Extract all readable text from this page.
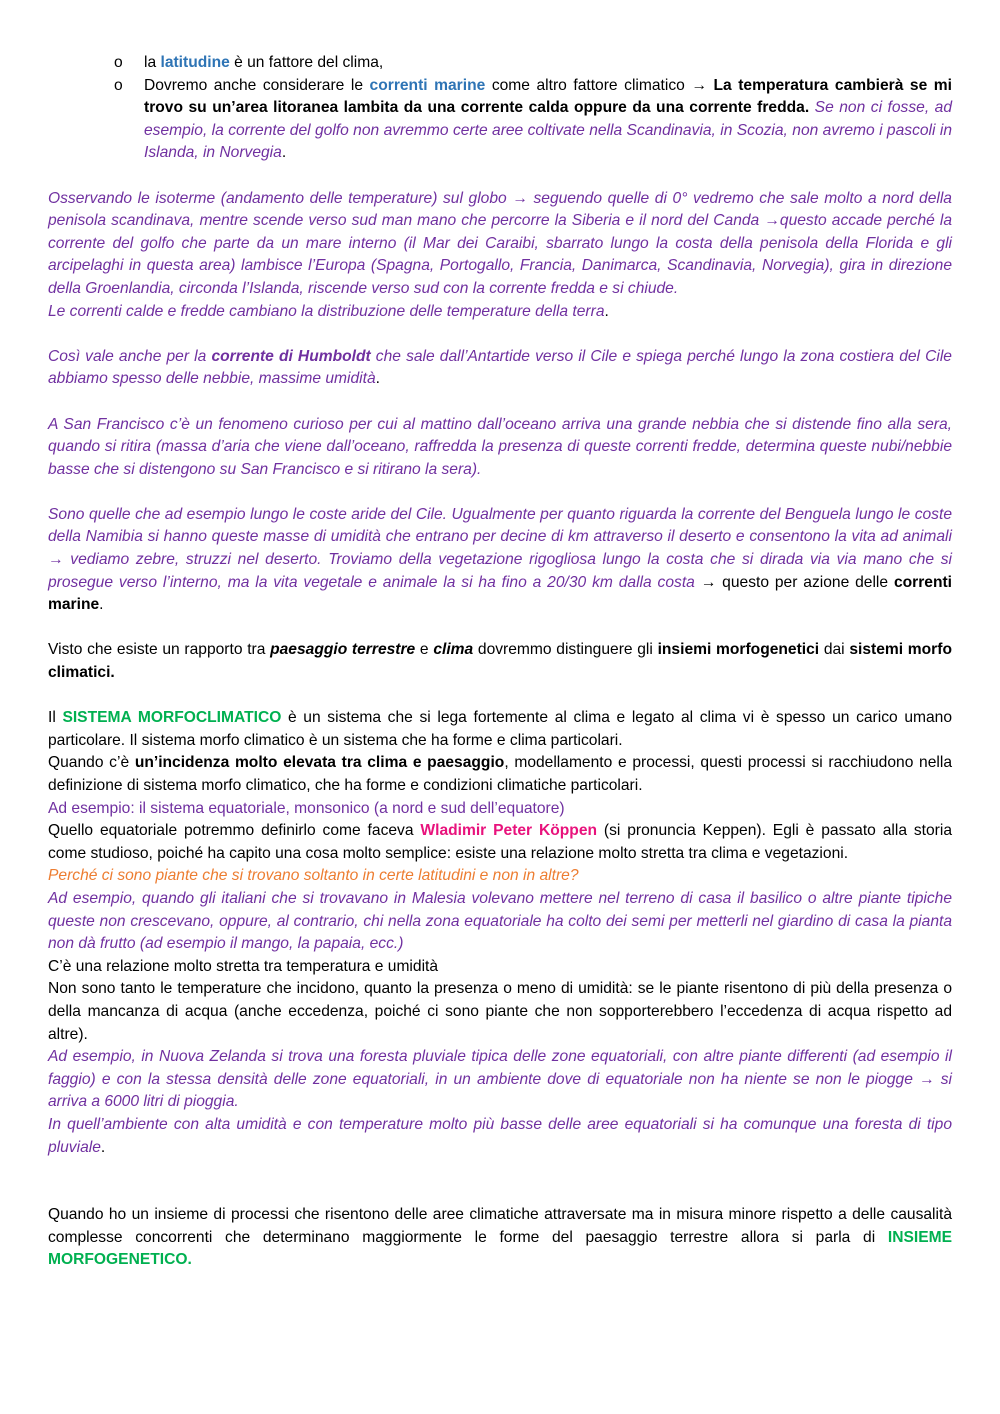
o la latitudine è un fattore del clima,
o Dovremo anche considerare le correnti marine come altro fattore climatico → La temperatura cambierà se mi trovo su un’area litoranea lambita da una corrente calda oppure da una corrente fredda. Se non ci fosse, ad esempio, la corrente del golfo non avremmo certe aree coltivate nella Scandinavia, in Scozia, non avremo i pascoli in Islanda, in Norvegia.

Osservando le isoterme (andamento delle temperature) sul globo → seguendo quelle di 0° vedremo che sale molto a nord della penisola scandinava, mentre scende verso sud man mano che percorre la Siberia e il nord del Canda →questo accade perché la corrente del golfo che parte da un mare interno (il Mar dei Caraibi, sbarrato lungo la costa della penisola della Florida e gli arcipelaghi in questa area) lambisce l’Europa (Spagna, Portogallo, Francia, Danimarca, Scandinavia, Norvegia), gira in direzione della Groenlandia, circonda l’Islanda, riscende verso sud con la corrente fredda e si chiude.

Le correnti calde e fredde cambiano la distribuzione delle temperature della terra.

Così vale anche per la corrente di Humboldt che sale dall’Antartide verso il Cile e spiega perché lungo la zona costiera del Cile abbiamo spesso delle nebbie, massime umidità.

A San Francisco c’è un fenomeno curioso per cui al mattino dall’oceano arriva una grande nebbia che si distende fino alla sera, quando si ritira (massa d’aria che viene dall’oceano, raffredda la presenza di queste correnti fredde, determina queste nubi/nebbie basse che si distengono su San Francisco e si ritirano la sera).

Sono quelle che ad esempio lungo le coste aride del Cile. Ugualmente per quanto riguarda la corrente del Benguela lungo le coste della Namibia si hanno queste masse di umidità che entrano per decine di km attraverso il deserto e consentono la vita ad animali → vediamo zebre, struzzi nel deserto. Troviamo della vegetazione rigogliosa lungo la costa che si dirada via via mano che si prosegue verso l’interno, ma la vita vegetale e animale la si ha fino a 20/30 km dalla costa → questo per azione delle correnti marine.

Visto che esiste un rapporto tra paesaggio terrestre e clima dovremmo distinguere gli insiemi morfogenetici dai sistemi morfo climatici.

Il SISTEMA MORFOCLIMATICO è un sistema che si lega fortemente al clima e legato al clima vi è spesso un carico umano particolare. Il sistema morfo climatico è un sistema che ha forme e clima particolari.

Quando c’è un’incidenza molto elevata tra clima e paesaggio, modellamento e processi, questi processi si racchiudono nella definizione di sistema morfo climatico, che ha forme e condizioni climatiche particolari.

Ad esempio: il sistema equatoriale, monsonico (a nord e sud dell’equatore)

Quello equatoriale potremmo definirlo come faceva Wladimir Peter Köppen (si pronuncia Keppen). Egli è passato alla storia come studioso, poiché ha capito una cosa molto semplice: esiste una relazione molto stretta tra clima e vegetazioni.

Perché ci sono piante che si trovano soltanto in certe latitudini e non in altre?

Ad esempio, quando gli italiani che si trovavano in Malesia volevano mettere nel terreno di casa il basilico o altre piante tipiche queste non crescevano, oppure, al contrario, chi nella zona equatoriale ha colto dei semi per metterli nel giardino di casa la pianta non dà frutto (ad esempio il mango, la papaia, ecc.)

C’è una relazione molto stretta tra temperatura e umidità

Non sono tanto le temperature che incidono, quanto la presenza o meno di umidità: se le piante risentono di più della presenza o della mancanza di acqua (anche eccedenza, poiché ci sono piante che non sopporterebbero l’eccedenza di acqua rispetto ad altre).

Ad esempio, in Nuova Zelanda si trova una foresta pluviale tipica delle zone equatoriali, con altre piante differenti (ad esempio il faggio) e con la stessa densità delle zone equatoriali, in un ambiente dove di equatoriale non ha niente se non le piogge → si arriva a 6000 litri di pioggia.

In quell’ambiente con alta umidità e con temperature molto più basse delle aree equatoriali si ha comunque una foresta di tipo pluviale.

Quando ho un insieme di processi che risentono delle aree climatiche attraversate ma in misura minore rispetto a delle causalità complesse concorrenti che determinano maggiormente le forme del paesaggio terrestre allora si parla di INSIEME MORFOGENETICO.
